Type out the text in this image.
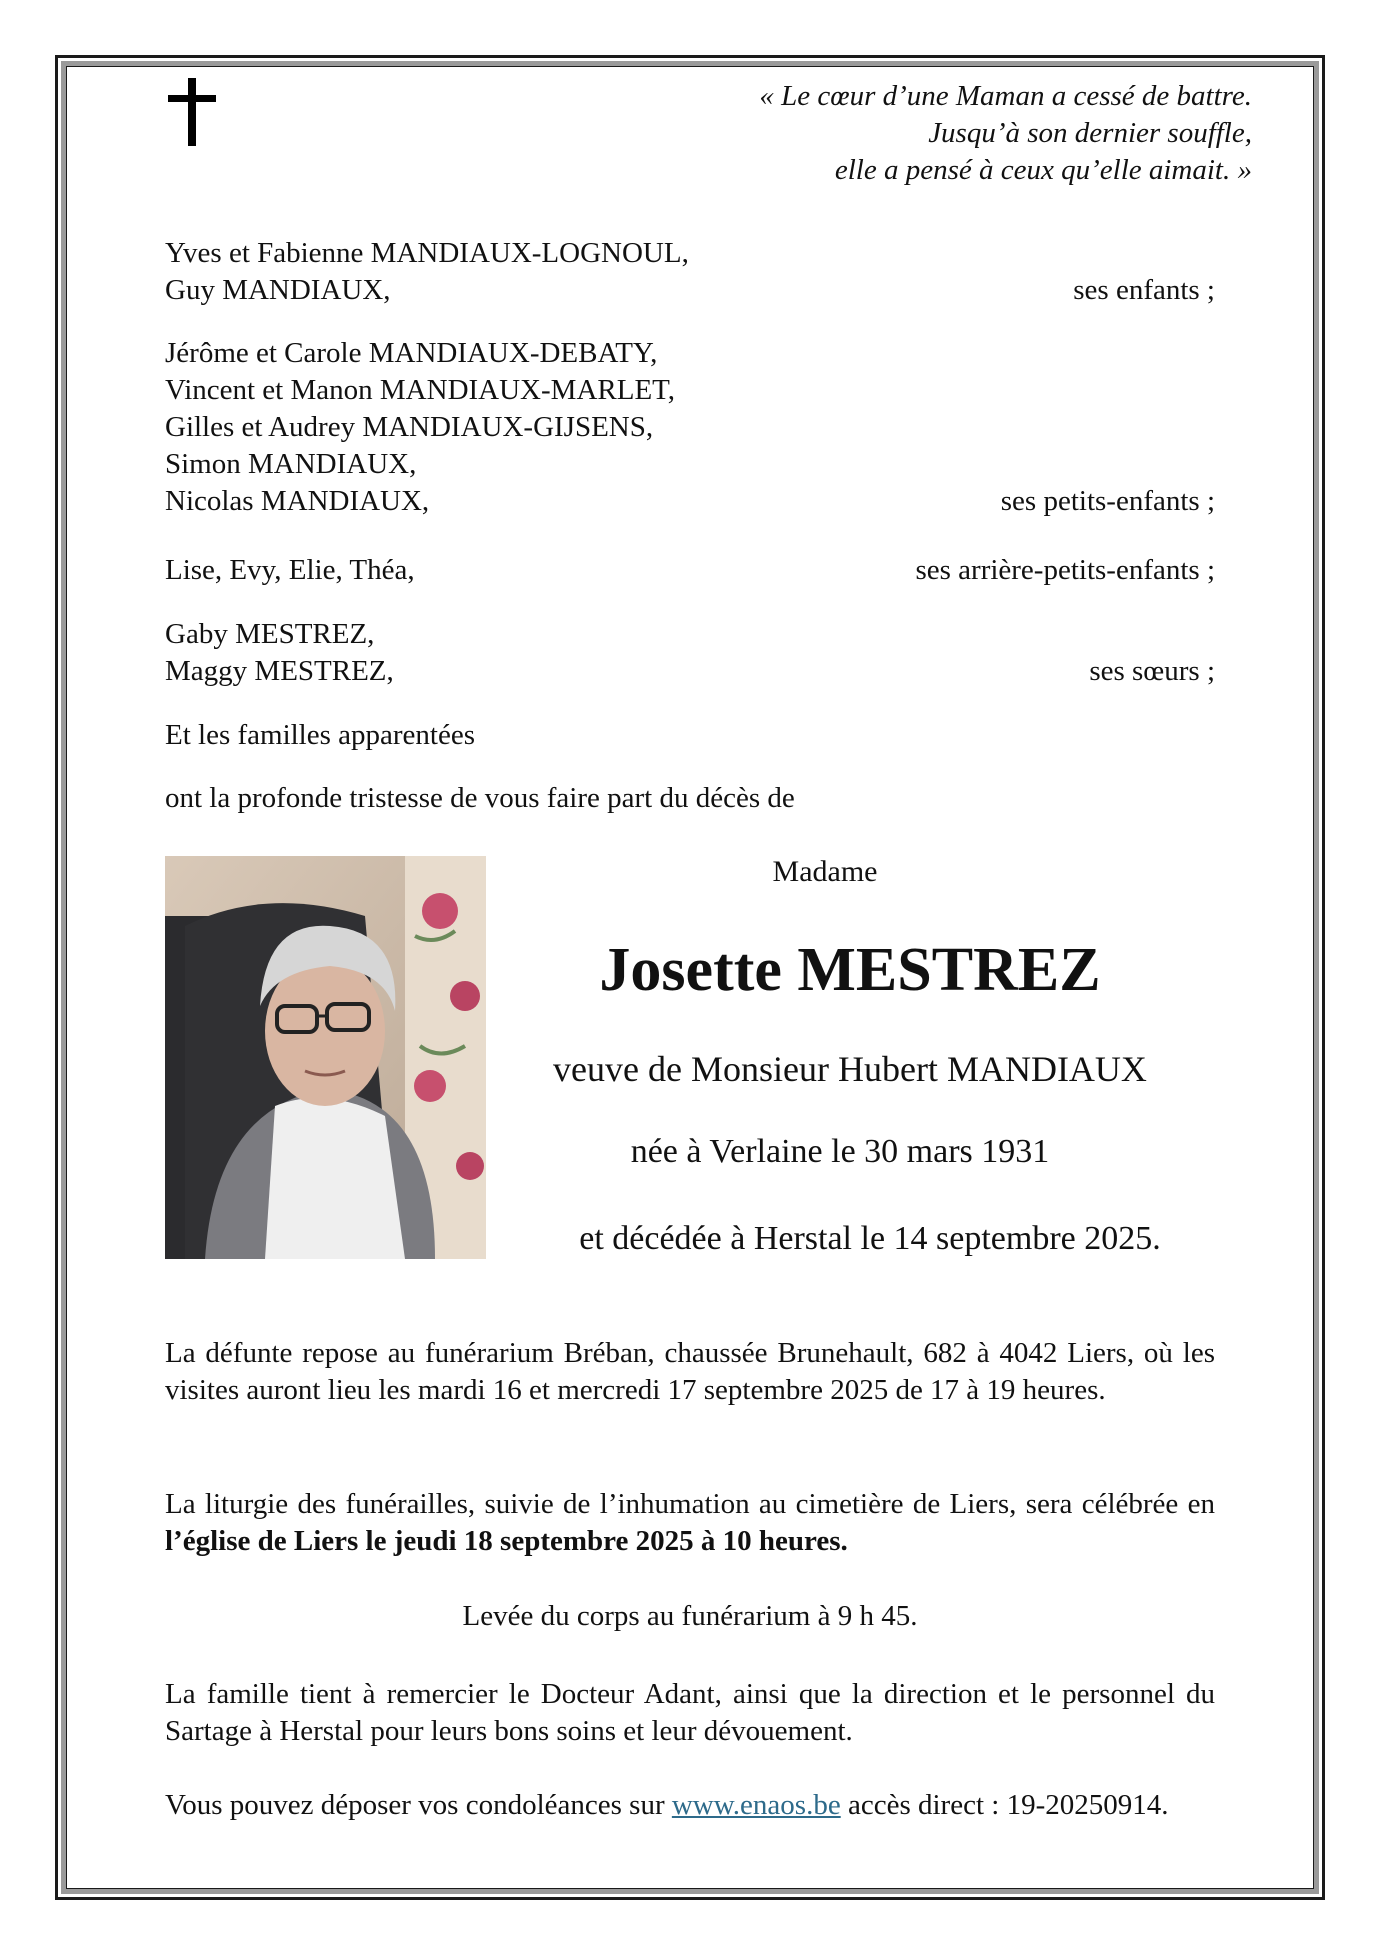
« Le cœur d’une Maman a cessé de battre.
Jusqu’à son dernier souffle,
elle a pensé à ceux qu’elle aimait. »
Yves et Fabienne MANDIAUX-LOGNOUL,
Guy MANDIAUX,	ses enfants ;
Jérôme et Carole MANDIAUX-DEBATY,
Vincent et Manon MANDIAUX-MARLET,
Gilles et Audrey MANDIAUX-GIJSENS,
Simon MANDIAUX,
Nicolas MANDIAUX,	ses petits-enfants ;
Lise, Evy, Elie, Théa,	ses arrière-petits-enfants ;
Gaby MESTREZ,
Maggy MESTREZ,	ses sœurs ;
Et les familles apparentées
ont la profonde tristesse de vous faire part du décès de
Madame
Josette MESTREZ
veuve de Monsieur Hubert MANDIAUX
née à Verlaine le 30 mars 1931
et décédée à Herstal le 14 septembre 2025.
La défunte repose au funérarium Bréban, chaussée Brunehault, 682 à 4042 Liers, où les visites auront lieu les mardi 16 et mercredi 17 septembre 2025 de 17 à 19 heures.
La liturgie des funérailles, suivie de l’inhumation au cimetière de Liers, sera célébrée en l’église de Liers le jeudi 18 septembre 2025 à 10 heures.
Levée du corps au funérarium à 9 h 45.
La famille tient à remercier le Docteur Adant, ainsi que la direction et le personnel du Sartage à Herstal pour leurs bons soins et leur dévouement.
Vous pouvez déposer vos condoléances sur www.enaos.be accès direct : 19-20250914.
